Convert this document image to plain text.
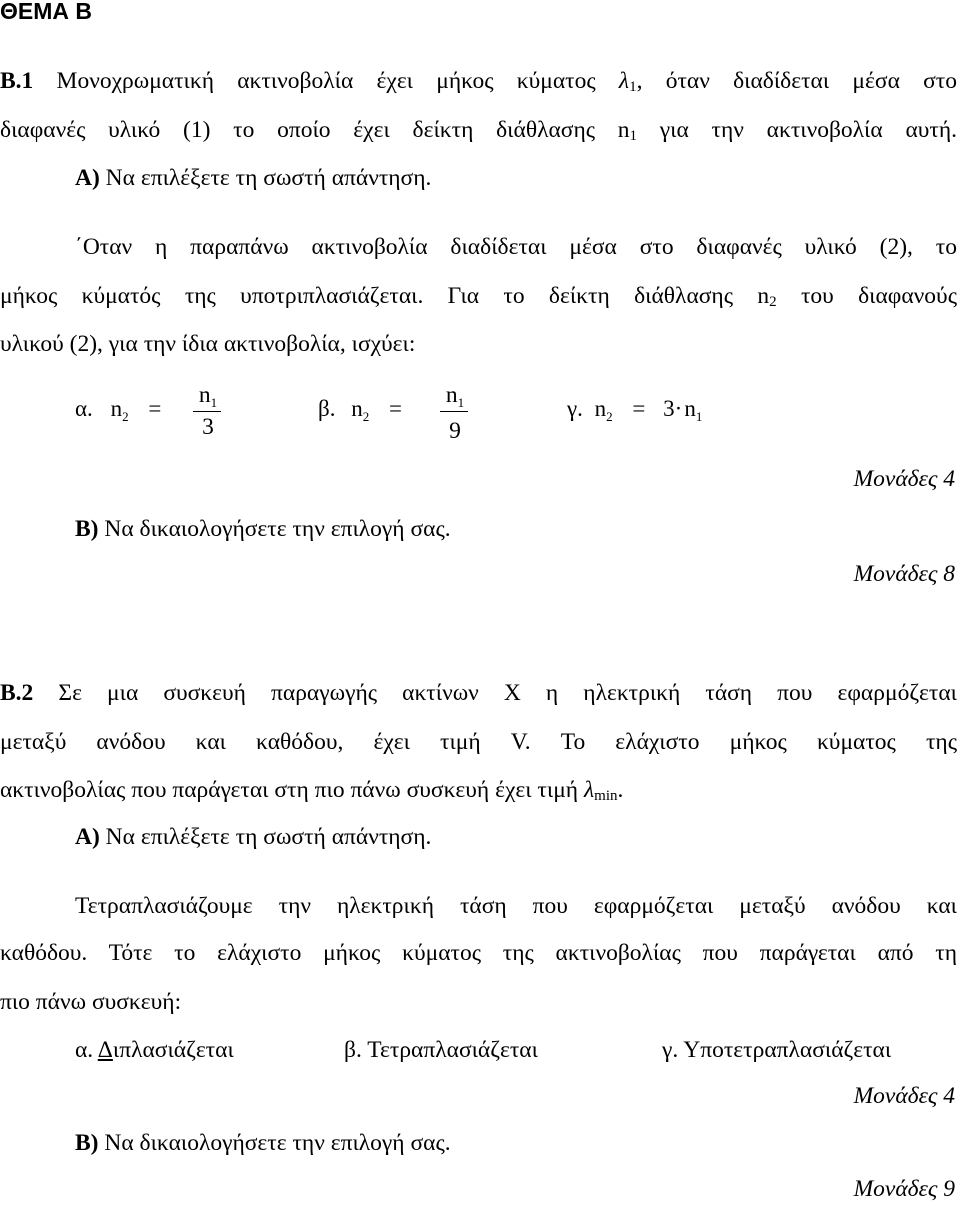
ΘΕΜΑ Β
Β.1 Μονοχρωματική ακτινοβολία έχει μήκος κύματος $\lambda_1$, όταν διαδίδεται μέσα στο
διαφανές υλικό (1) το οποίο έχει δείκτη διάθλασης $n_1$ για την ακτινοβολία αυτή.
Α) Να επιλέξετε τη σωστή απάντηση.
΄Οταν η παραπάνω ακτινοβολία διαδίδεται μέσα στο διαφανές υλικό (2), το
μήκος κύματός της υποτριπλασιάζεται. Για το δείκτη διάθλασης $n_2$ του διαφανούς
υλικού (2), για την ίδια ακτινοβολία, ισχύει:
α. $n_2$ =
$n_1$
3
β. $n_2$ =
$n_1$
9
γ. $n_2 = 3\cdot n_1$
Μονάδες 4
Β) Να δικαιολογήσετε την επιλογή σας.
Μονάδες 8
Β.2 Σε μια συσκευή παραγωγής ακτίνων X η ηλεκτρική τάση που εφαρμόζεται
μεταξύ ανόδου και καθόδου, έχει τιμή V. Το ελάχιστο μήκος κύματος της
ακτινοβολίας που παράγεται στη πιο πάνω συσκευή έχει τιμή $\lambda_{min}$.
Α) Να επιλέξετε τη σωστή απάντηση.
Τετραπλασιάζουμε την ηλεκτρική τάση που εφαρμόζεται μεταξύ ανόδου και
καθόδου. Τότε το ελάχιστο μήκος κύματος της ακτινοβολίας που παράγεται από τη
πιο πάνω συσκευή:
α. Διπλασιάζεται	β. Τετραπλασιάζεται	γ. Υποτετραπλασιάζεται
Μονάδες 4
Β) Να δικαιολογήσετε την επιλογή σας.
Μονάδες 9
